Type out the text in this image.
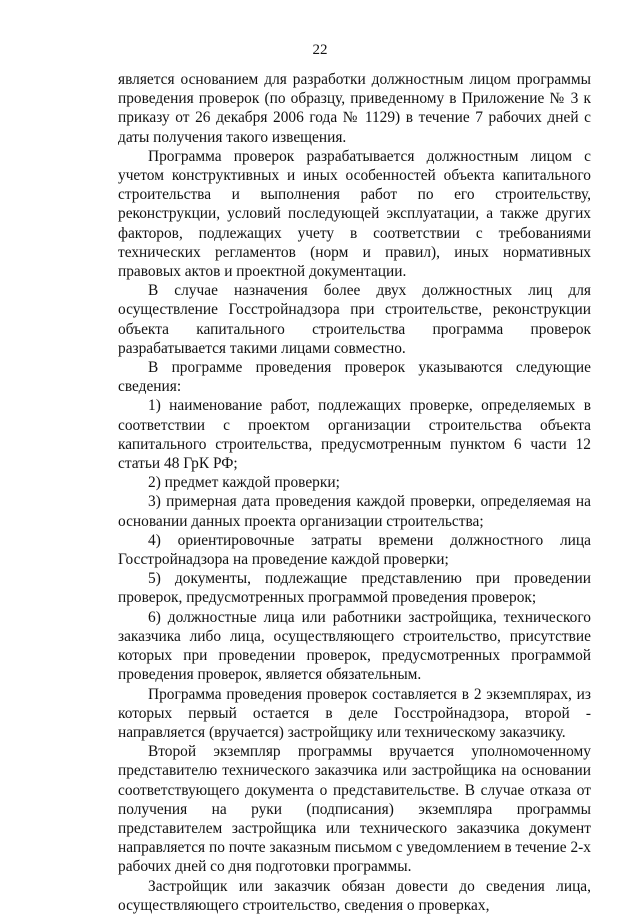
22

является основанием для разработки должностным лицом программы проведения проверок (по образцу, приведенному в Приложение № 3 к приказу от 26 декабря 2006 года № 1129) в течение 7 рабочих дней с даты получения такого извещения.

Программа проверок разрабатывается должностным лицом с учетом конструктивных и иных особенностей объекта капитального строительства и выполнения работ по его строительству, реконструкции, условий последующей эксплуатации, а также других факторов, подлежащих учету в соответствии с требованиями технических регламентов (норм и правил), иных нормативных правовых актов и проектной документации.

В случае назначения более двух должностных лиц для осуществление Госстройнадзора при строительстве, реконструкции объекта капитального строительства программа проверок разрабатывается такими лицами совместно.

В программе проведения проверок указываются следующие сведения:

1) наименование работ, подлежащих проверке, определяемых в соответствии с проектом организации строительства объекта капитального строительства, предусмотренным пунктом 6 части 12 статьи 48 ГрК РФ;

2) предмет каждой проверки;

3) примерная дата проведения каждой проверки, определяемая на основании данных проекта организации строительства;

4) ориентировочные затраты времени должностного лица Госстройнадзора на проведение каждой проверки;

5) документы, подлежащие представлению при проведении проверок, предусмотренных программой проведения проверок;

6) должностные лица или работники застройщика, технического заказчика либо лица, осуществляющего строительство, присутствие которых при проведении проверок, предусмотренных программой проведения проверок, является обязательным.

Программа проведения проверок составляется в 2 экземплярах, из которых первый остается в деле Госстройнадзора, второй - направляется (вручается) застройщику или техническому заказчику.

Второй экземпляр программы вручается уполномоченному представителю технического заказчика или застройщика на основании соответствующего документа о представительстве. В случае отказа от получения на руки (подписания) экземпляра программы представителем застройщика или технического заказчика документ направляется по почте заказным письмом с уведомлением в течение 2-х рабочих дней со дня подготовки программы.

Застройщик или заказчик обязан довести до сведения лица, осуществляющего строительство, сведения о проверках,
